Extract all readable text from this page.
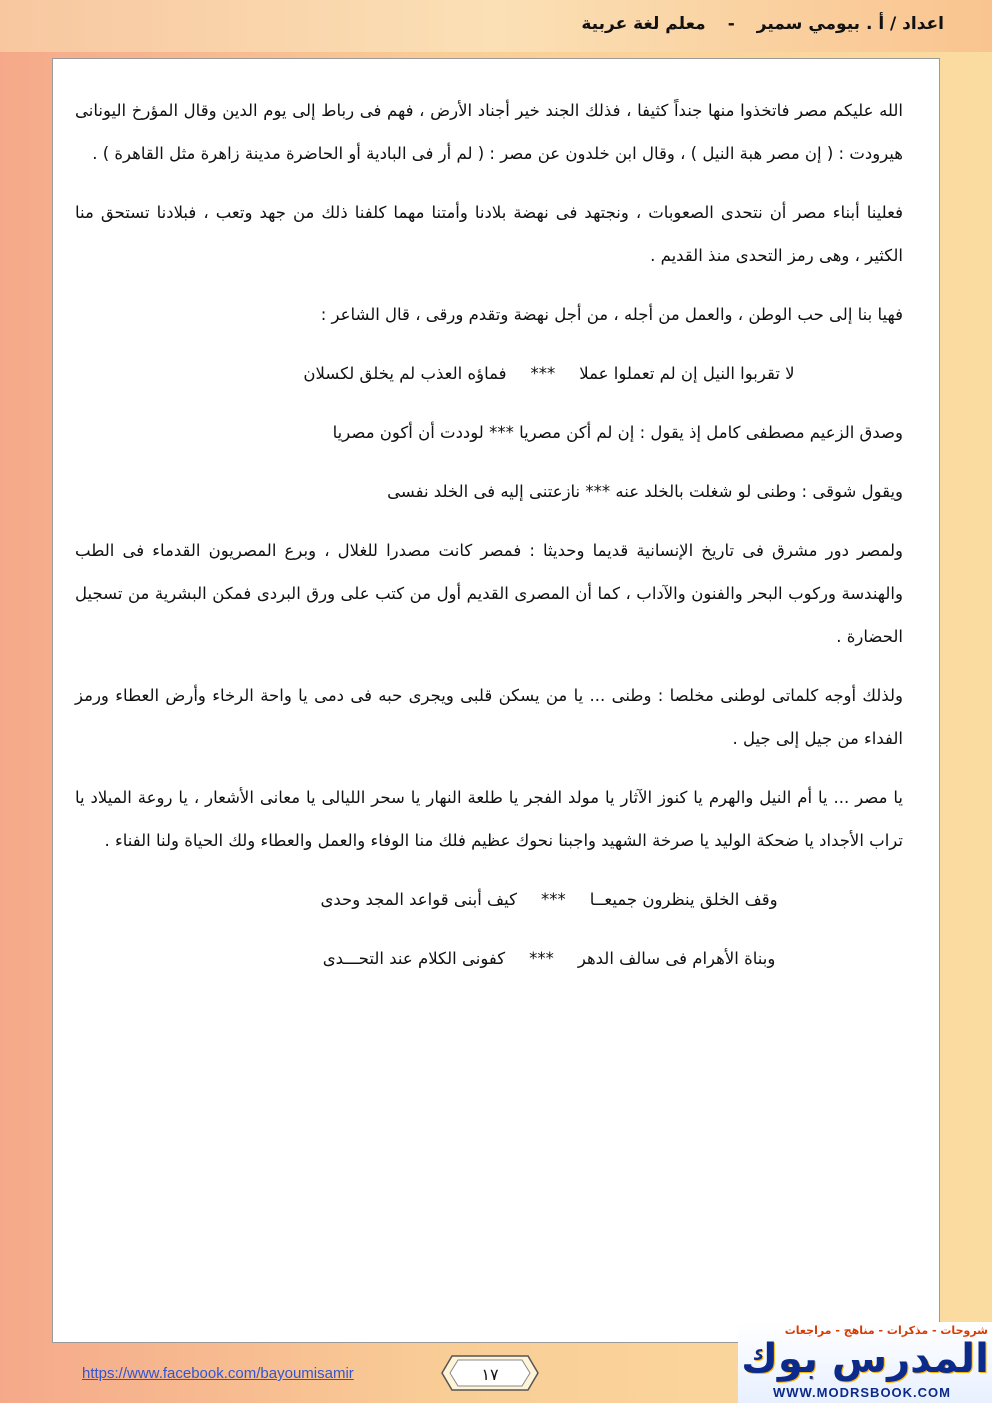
اعداد / أ . بيومي سمير-معلم لغة عربية

الله عليكم مصر فاتخذوا منها جنداً كثيفا ، فذلك الجند خير أجناد الأرض ، فهم فى رباط إلى يوم الدين وقال المؤرخ اليونانى هيرودت : ( إن مصر هبة النيل ) ، وقال ابن خلدون عن مصر : ( لم أر فى البادية أو الحاضرة مدينة زاهرة مثل القاهرة ) .

فعلينا أبناء مصر أن نتحدى الصعوبات ، ونجتهد فى نهضة بلادنا وأمتنا مهما كلفنا ذلك من جهد وتعب ، فبلادنا تستحق منا الكثير ، وهى رمز التحدى منذ القديم .

فهيا بنا إلى حب الوطن ، والعمل من أجله ، من أجل نهضة وتقدم ورقى ، قال الشاعر :

لا تقربوا النيل إن لم تعملوا عملا***فماؤه العذب لم يخلق لكسلان

وصدق الزعيم مصطفى كامل إذ يقول : إن لم أكن مصريا *** لوددت أن أكون مصريا

ويقول شوقى : وطنى لو شغلت بالخلد عنه *** نازعتنى إليه فى الخلد نفسى

ولمصر دور مشرق فى تاريخ الإنسانية قديما وحديثا : فمصر كانت مصدرا للغلال ، وبرع المصريون القدماء فى الطب والهندسة وركوب البحر والفنون والآداب ، كما أن المصرى القديم أول من كتب على ورق البردى فمكن البشرية من تسجيل الحضارة .

ولذلك أوجه كلماتى لوطنى مخلصا : وطنى ... يا من يسكن قلبى ويجرى حبه فى دمى يا واحة الرخاء وأرض العطاء ورمز الفداء من جيل إلى جيل .

يا مصر ... يا أم النيل والهرم يا كنوز الآثار يا مولد الفجر يا طلعة النهار يا سحر الليالى يا معانى الأشعار ، يا روعة الميلاد يا تراب الأجداد يا ضحكة الوليد يا صرخة الشهيد واجبنا نحوك عظيم فلك منا الوفاء والعمل والعطاء ولك الحياة ولنا الفناء .

وقف الخلق ينظرون جميعــا***كيف أبنى قواعد المجد وحدى
وبناة الأهرام فى سالف الدهر***كفونى الكلام عند التحـــدى
https://www.facebook.com/bayoumisamir	١٧
شروحات - مذكرات - مناهج - مراجعات
المدرس بوك
WWW.MODRSBOOK.COM
